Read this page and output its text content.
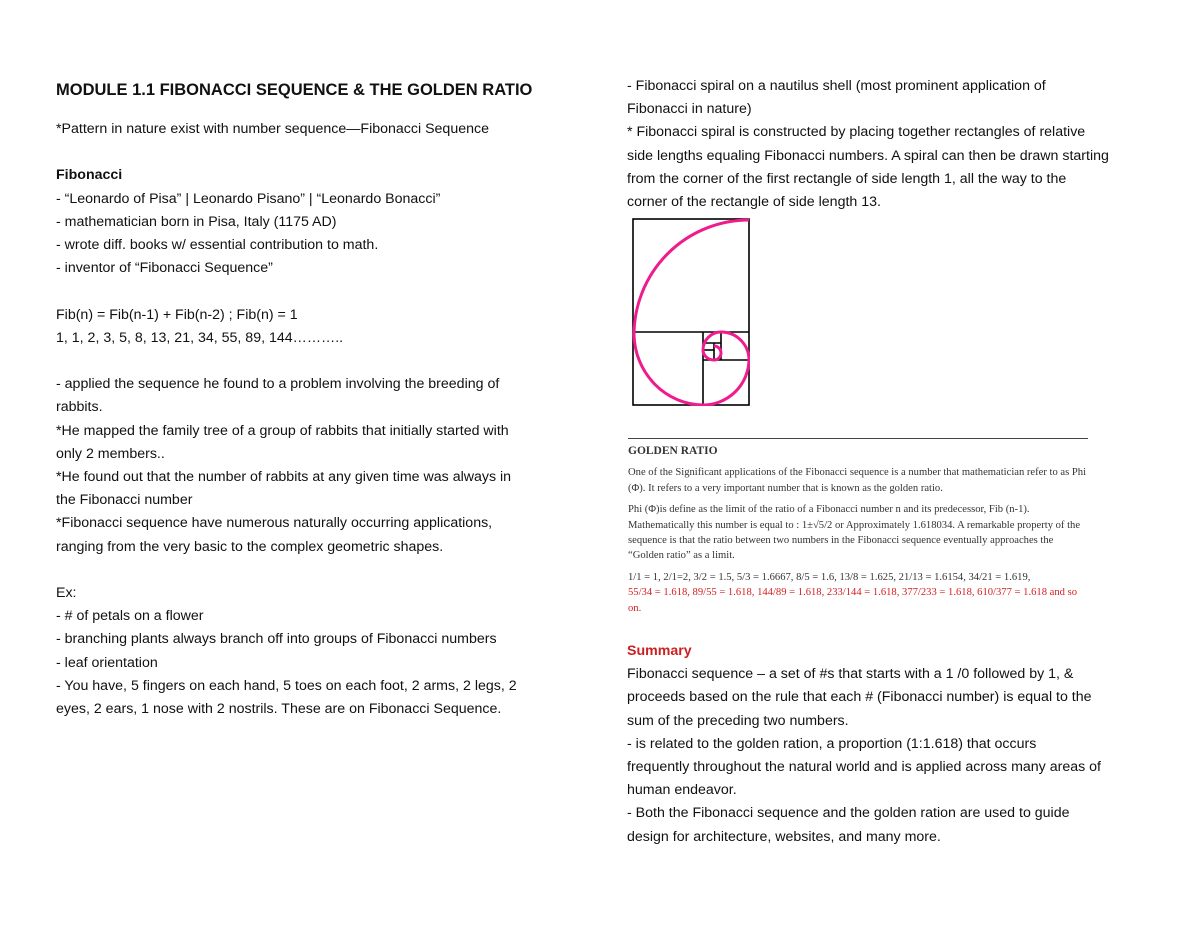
MODULE 1.1 FIBONACCI SEQUENCE & THE GOLDEN RATIO
*Pattern in nature exist with number sequence—Fibonacci Sequence
Fibonacci
- “Leonardo of Pisa” | Leonardo Pisano” | “Leonardo Bonacci”
- mathematician born in Pisa, Italy (1175 AD)
- wrote diff. books w/ essential contribution to math.
- inventor of “Fibonacci Sequence”
Fib(n) = Fib(n-1) + Fib(n-2) ; Fib(n) = 1
1, 1, 2, 3, 5, 8, 13, 21, 34, 55, 89, 144………..
- applied the sequence he found to a problem involving the breeding of
rabbits.
*He mapped the family tree of a group of rabbits that initially started with
only 2 members..
*He found out that the number of rabbits at any given time was always in
the Fibonacci number
*Fibonacci sequence have numerous naturally occurring applications,
ranging from the very basic to the complex geometric shapes.
Ex:
- # of petals on a flower
- branching plants always branch off into groups of Fibonacci numbers
- leaf orientation
- You have, 5 fingers on each hand, 5 toes on each foot, 2 arms, 2 legs, 2
eyes, 2 ears, 1 nose with 2 nostrils. These are on Fibonacci Sequence.
- Fibonacci spiral on a nautilus shell (most prominent application of
Fibonacci in nature)
* Fibonacci spiral is constructed by placing together rectangles of relative
side lengths equaling Fibonacci numbers. A spiral can then be drawn starting
from the corner of the first rectangle of side length 1, all the way to the
corner of the rectangle of side length 13.
GOLDEN RATIO

One of the Significant applications of the Fibonacci sequence is a number that mathematician refer to as Phi (Φ). It refers to a very important number that is known as the golden ratio.

Phi (Φ)is define as the limit of the ratio of a Fibonacci number n and its predecessor, Fib (n-1).

Mathematically this number is equal to : 1±√5/2 or Approximately 1.618034. A remarkable property of the sequence is that the ratio between two numbers in the Fibonacci sequence eventually approaches the “Golden ratio” as a limit.

1/1 = 1, 2/1=2, 3/2 = 1.5, 5/3 = 1.6667, 8/5 = 1.6, 13/8 = 1.625, 21/13 = 1.6154, 34/21 = 1.619,

55/34 = 1.618, 89/55 = 1.618, 144/89 = 1.618, 233/144 = 1.618, 377/233 = 1.618, 610/377 = 1.618 and so on.

Summary
Fibonacci sequence – a set of #s that starts with a 1 /0 followed by 1, &
proceeds based on the rule that each # (Fibonacci number) is equal to the
sum of the preceding two numbers.
- is related to the golden ration, a proportion (1:1.618) that occurs
frequently throughout the natural world and is applied across many areas of
human endeavor.
- Both the Fibonacci sequence and the golden ration are used to guide
design for architecture, websites, and many more.
